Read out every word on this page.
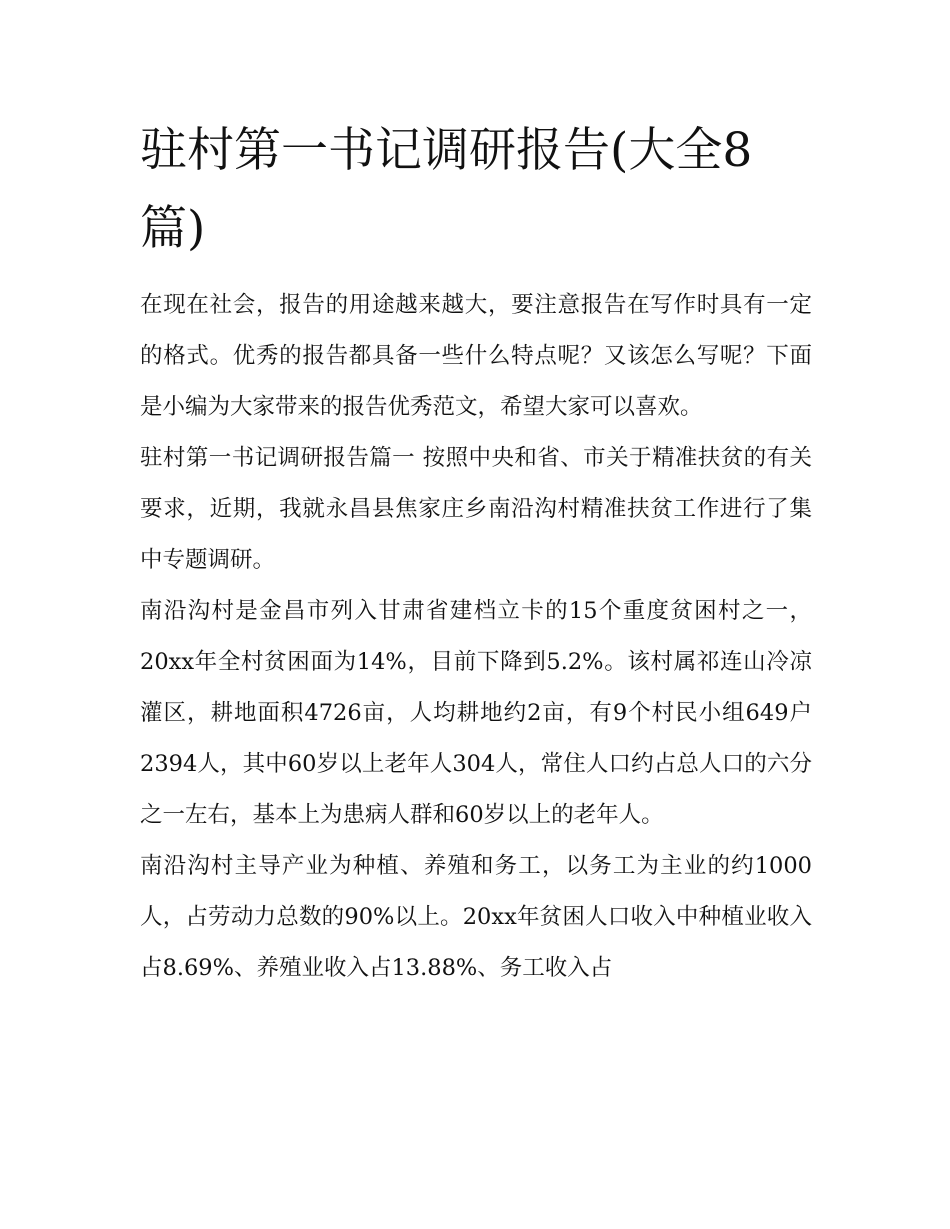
驻村第一书记调研报告(大全8篇)

在现在社会，报告的用途越来越大，要注意报告在写作时具有一定的格式。优秀的报告都具备一些什么特点呢？又该怎么写呢？下面是小编为大家带来的报告优秀范文，希望大家可以喜欢。

驻村第一书记调研报告篇一 按照中央和省、市关于精准扶贫的有关要求，近期，我就永昌县焦家庄乡南沿沟村精准扶贫工作进行了集中专题调研。

南沿沟村是金昌市列入甘肃省建档立卡的15个重度贫困村之一，20xx年全村贫困面为14%，目前下降到5.2%。该村属祁连山冷凉灌区，耕地面积4726亩，人均耕地约2亩，有9个村民小组649户2394人，其中60岁以上老年人304人，常住人口约占总人口的六分之一左右，基本上为患病人群和60岁以上的老年人。

南沿沟村主导产业为种植、养殖和务工，以务工为主业的约1000人，占劳动力总数的90%以上。20xx年贫困人口收入中种植业收入占8.69%、养殖业收入占13.88%、务工收入占
